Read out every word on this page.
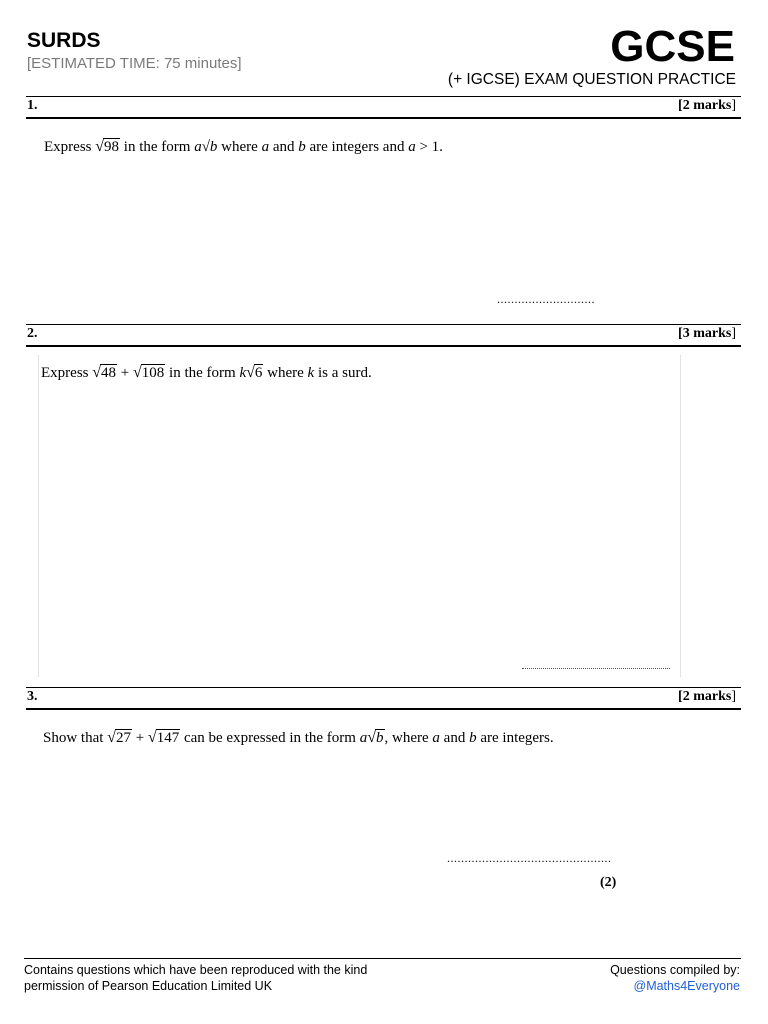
SURDS
[ESTIMATED TIME: 75 minutes]	GCSE
(+ IGCSE) EXAM QUESTION PRACTICE
1.	[2 marks]
Express √98 in the form a√b where a and b are integers and a > 1.
............................
2.	[3 marks]
Express √48 + √108 in the form k√6 where k is a surd.
3.	[2 marks]
Show that √27 + √147 can be expressed in the form a√b, where a and b are integers.
...............................................
(2)
Contains questions which have been reproduced with the kind
permission of Pearson Education Limited UK
Questions compiled by:
@Maths4Everyone
